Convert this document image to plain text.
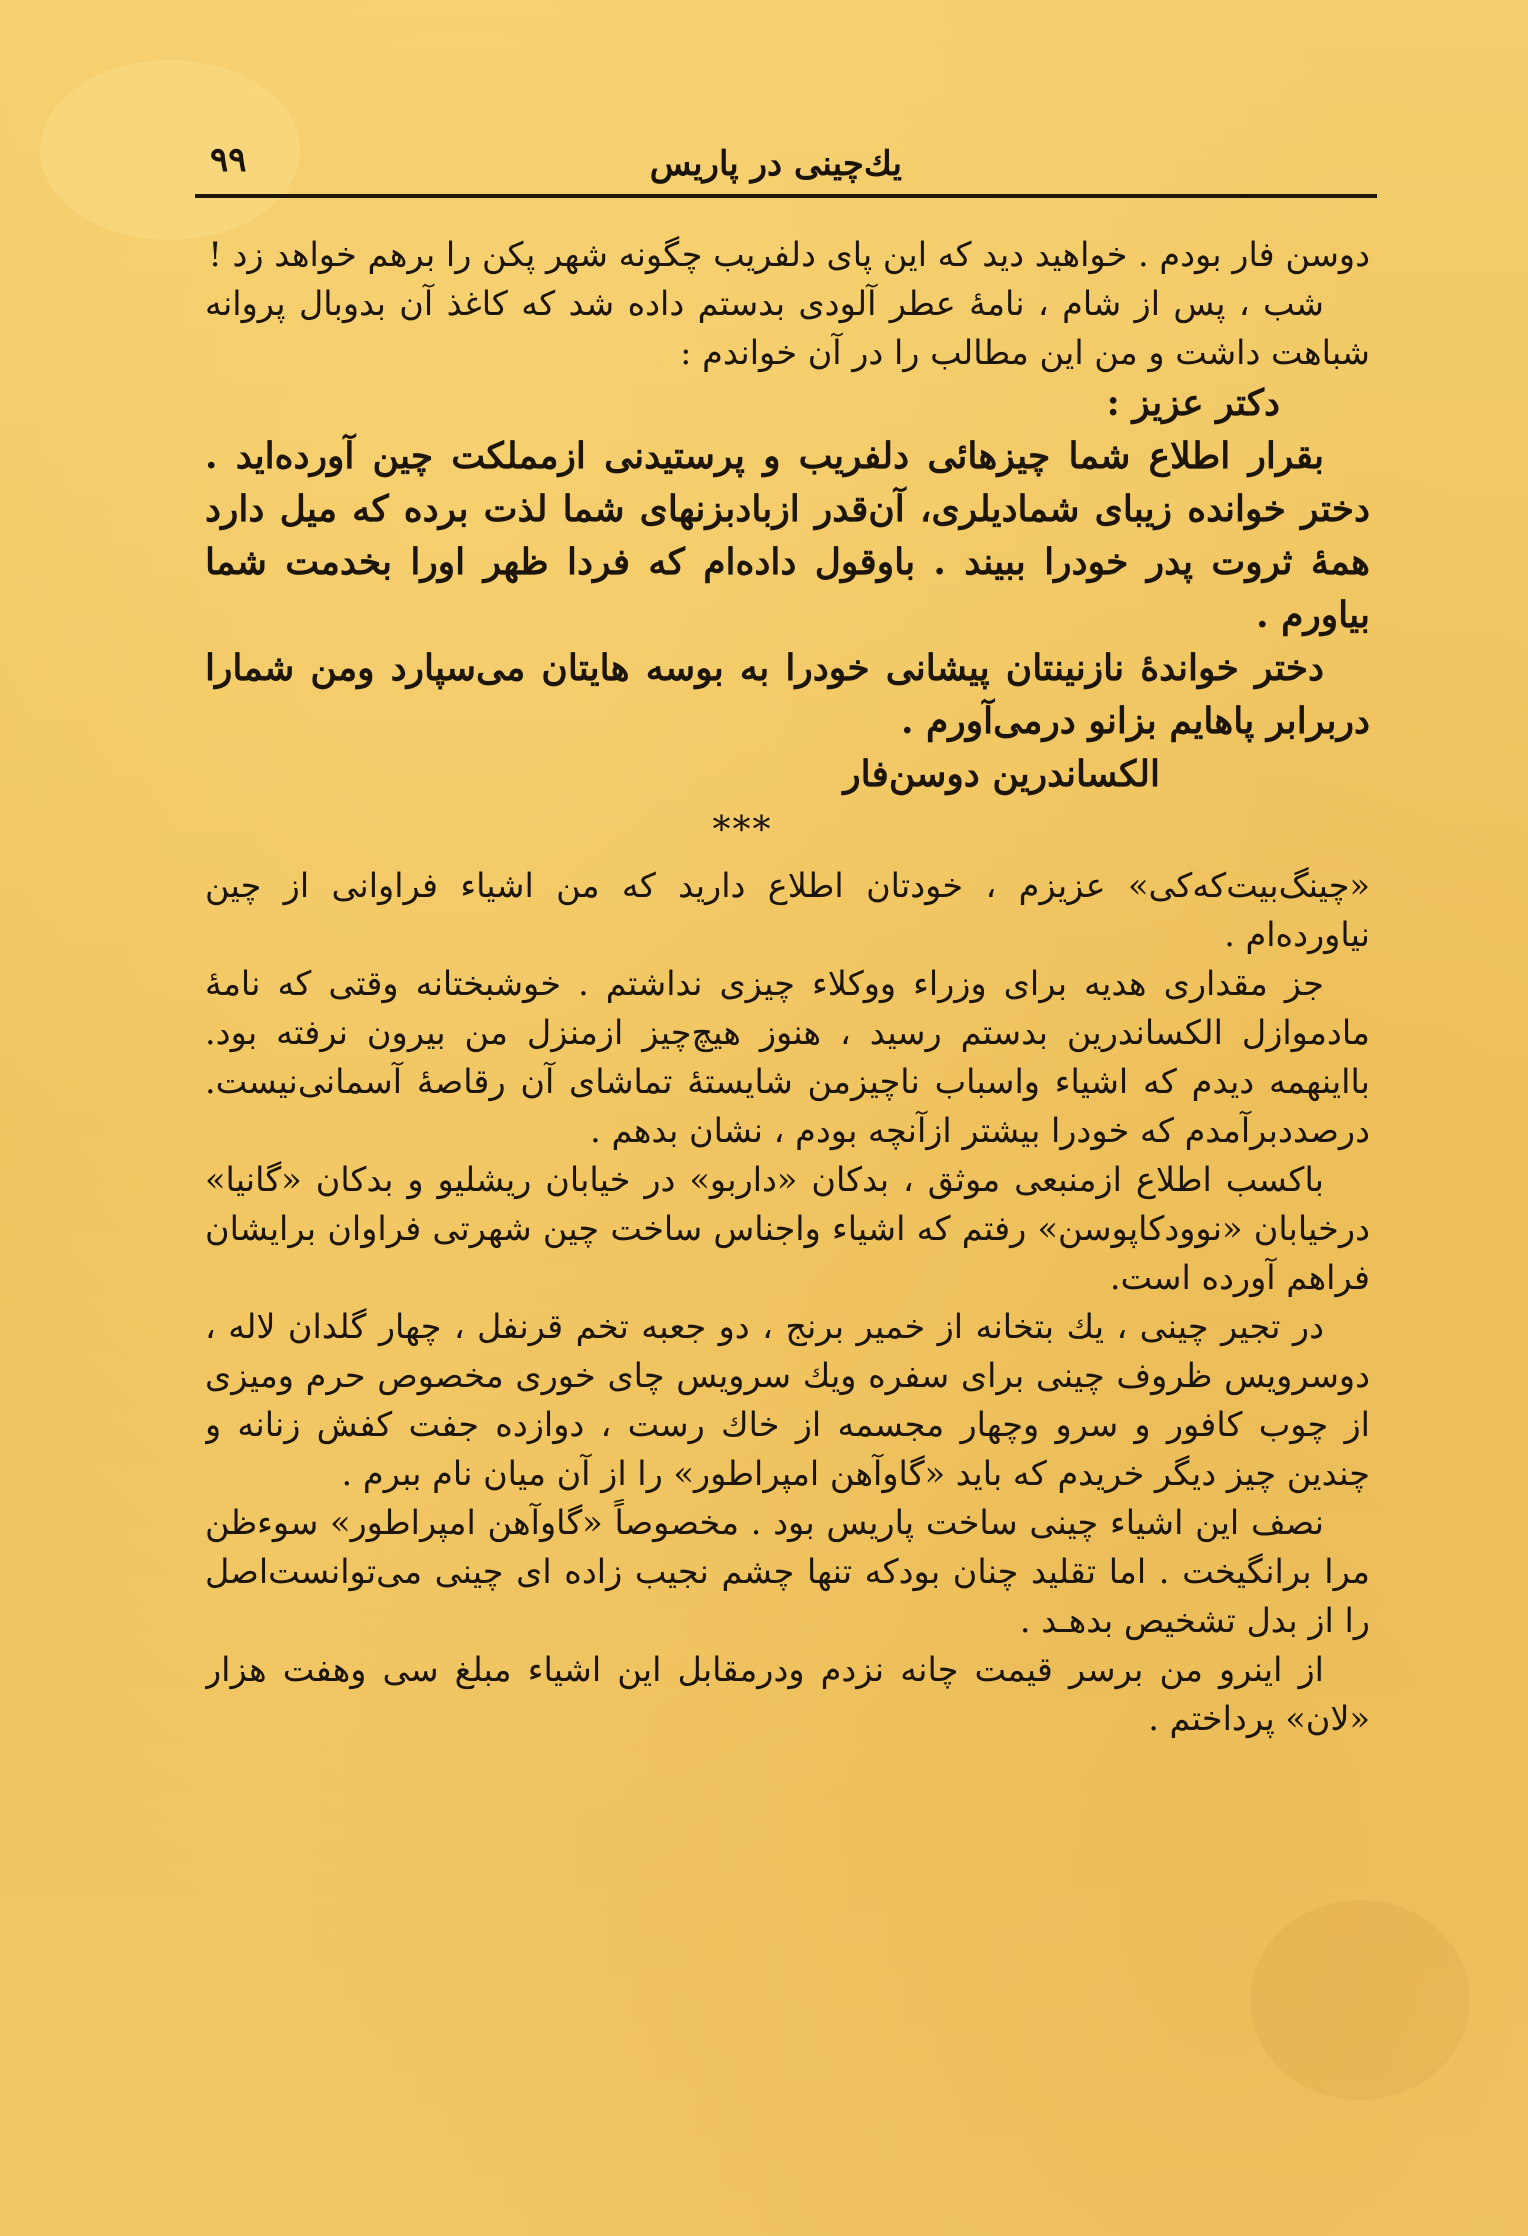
يك‌چينی در پاريس
۹۹

دوسن فار بودم . خواهيد ديد كه اين پای دلفريب چگونه شهر پكن را برهم خواهد زد !

شب ، پس از شام ، نامهٔ عطر آلودی بدستم داده شد كه كاغذ آن بدوبال پروانه شباهت داشت و من اين مطالب را در آن خواندم :

دكتر عزيز :

بقرار اطلاع شما چيزهائی دلفريب و پرستيدنی ازمملكت چين آورده‌ايد . دختر خوانده زيبای شماديلری، آن‌قدر ازبادبزنهای شما لذت برده كه ميل دارد همهٔ ثروت پدر خودرا ببيند . باوقول داده‌ام كه فردا ظهر اورا بخدمت شما بياورم .

دختر خواندهٔ نازنينتان پيشانی خودرا به بوسه هايتان می‌سپارد ومن شمارا دربرابر پاهايم بزانو درمی‌آورم .

الكساندرين دوسن‌فار

***

«چينگ‌بيت‌كه‌كی» عزيزم ، خودتان اطلاع داريد كه من اشياء فراوانی از چين نياورده‌ام .

جز مقداری هديه برای وزراء ووكلاء چيزی نداشتم . خوشبختانه وقتی كه نامهٔ مادموازل الكساندرين بدستم رسيد ، هنوز هيچ‌چيز ازمنزل من بيرون نرفته بود. بااينهمه ديدم كه اشياء واسباب ناچيزمن شايستهٔ تماشای آن رقاصهٔ آسمانی‌نيست. درصددبرآمدم كه خودرا بيشتر ازآنچه بودم ، نشان بدهم .

باكسب اطلاع ازمنبعی موثق ، بدكان «داربو» در خيابان ريشليو و بدكان «گانيا» درخيابان «نوودكاپوسن» رفتم كه اشياء واجناس ساخت چين شهرتی فراوان برايشان فراهم آورده است.

در تجير چينی ، يك بتخانه از خمير برنج ، دو جعبه تخم قرنفل ، چهار گلدان لاله ، دوسرويس ظروف چينی برای سفره ويك سرويس چای خوری مخصوص حرم وميزی از چوب كافور و سرو وچهار مجسمه از خاك رست ، دوازده جفت كفش زنانه و چندين چيز ديگر خريدم كه بايد «گاوآهن امپراطور» را از آن ميان نام ببرم .

نصف اين اشياء چينی ساخت پاريس بود . مخصوصاً «گاوآهن امپراطور» سوءظن مرا برانگيخت . اما تقليد چنان بودكه تنها چشم نجيب زاده ای چينی می‌توانست‌اصل را از بدل تشخيص بدهـد .

از اينرو من برسر قيمت چانه نزدم ودرمقابل اين اشياء مبلغ سی وهفت هزار «لان» پرداختم .
